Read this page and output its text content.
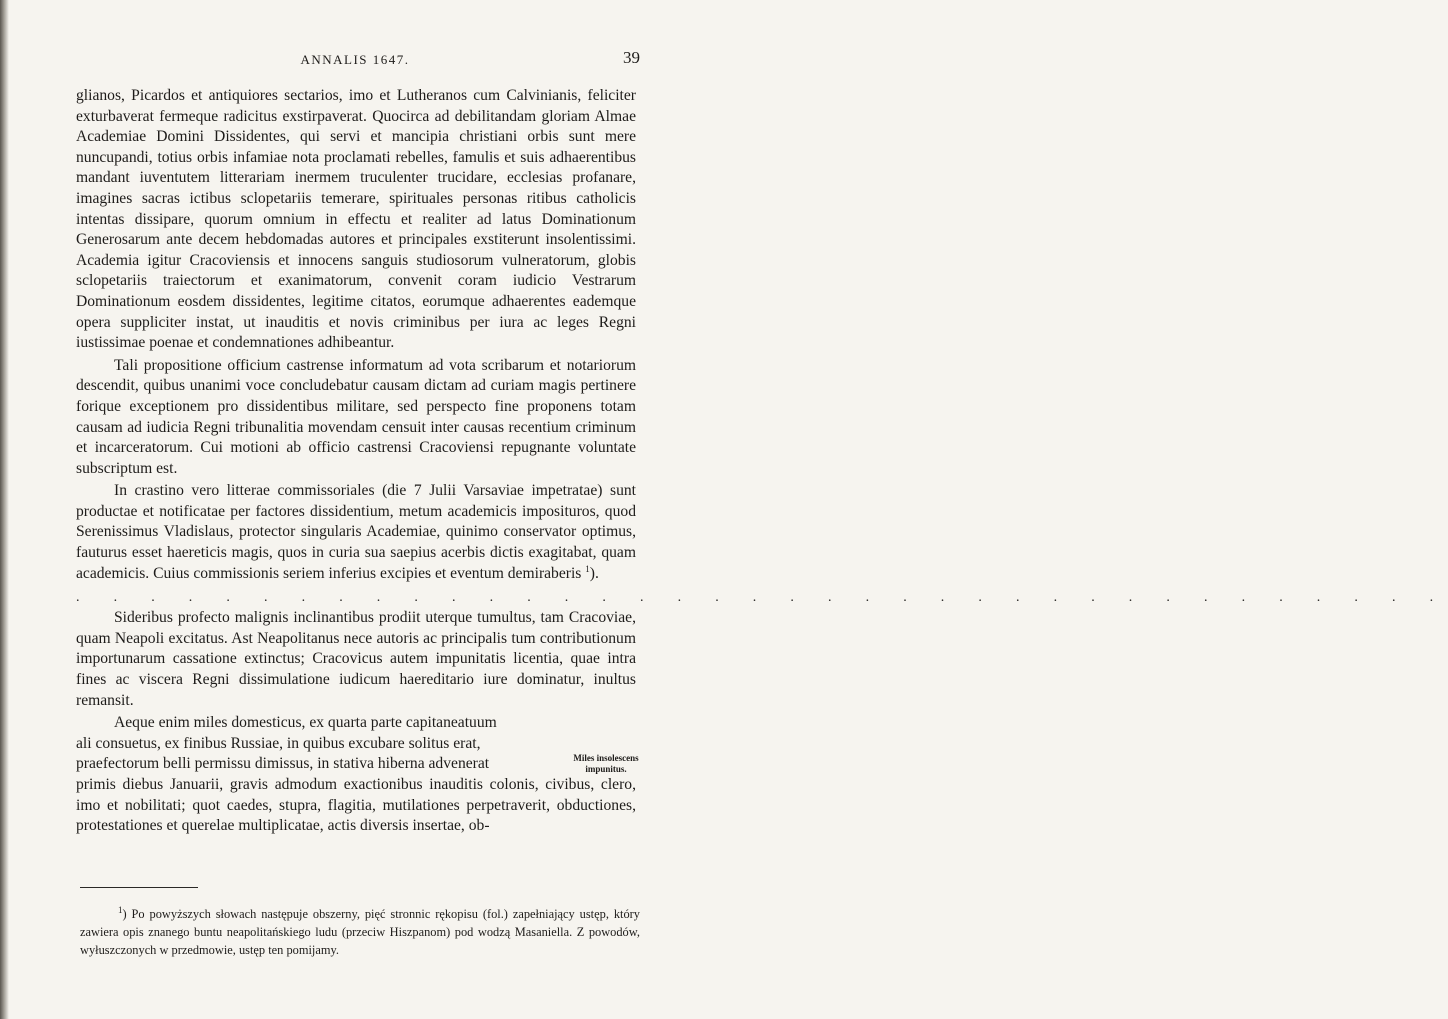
ANNALIS 1647.	39

glianos, Picardos et antiquiores sectarios, imo et Lutheranos cum Calvinianis, feliciter exturbaverat fermeque radicitus exstirpaverat. Quocirca ad debilitandam gloriam Almae Academiae Domini Dissidentes, qui servi et mancipia christiani orbis sunt mere nuncupandi, totius orbis infamiae nota proclamati rebelles, famulis et suis adhaerentibus mandant iuventutem litterariam inermem truculenter trucidare, ecclesias profanare, imagines sacras ictibus sclopetariis temerare, spirituales personas ritibus catholicis intentas dissipare, quorum omnium in effectu et realiter ad latus Dominationum Generosarum ante decem hebdomadas autores et principales exstiterunt insolentissimi. Academia igitur Cracoviensis et innocens sanguis studiosorum vulneratorum, globis sclopetariis traiectorum et exanimatorum, convenit coram iudicio Vestrarum Dominationum eosdem dissidentes, legitime citatos, eorumque adhaerentes eademque opera suppliciter instat, ut inauditis et novis criminibus per iura ac leges Regni iustissimae poenae et condemnationes adhibeantur.

Tali propositione officium castrense informatum ad vota scribarum et notariorum descendit, quibus unanimi voce concludebatur causam dictam ad curiam magis pertinere forique exceptionem pro dissidentibus militare, sed perspecto fine proponens totam causam ad iudicia Regni tribunalitia movendam censuit inter causas recentium criminum et incarceratorum. Cui motioni ab officio castrensi Cracoviensi repugnante voluntate subscriptum est.

In crastino vero litterae commissoriales (die 7 Julii Varsaviae impetratae) sunt productae et notificatae per factores dissidentium, metum academicis imposituros, quod Serenissimus Vladislaus, protector singularis Academiae, quinimo conservator optimus, fauturus esset haereticis magis, quos in curia sua saepius acerbis dictis exagitabat, quam academicis. Cuius commissionis seriem inferius excipies et eventum demiraberis $^1$).

. . . . . . . . . . . . . . . . . . . . . . . . . . . . . . . . . . . . .

Sideribus profecto malignis inclinantibus prodiit uterque tumultus, tam Cracoviae, quam Neapoli excitatus. Ast Neapolitanus nece autoris ac principalis tum contributionum importunarum cassatione extinctus; Cracovicus autem impunitatis licentia, quae intra fines ac viscera Regni dissimulatione iudicum haereditario iure dominatur, inultus remansit.

Aeque enim miles domesticus, ex quarta parte capitaneatuum

ali consuetus, ex finibus Russiae, in quibus excubare solitus erat,

praefectorum belli permissu dimissus, in stativa hiberna advenerat

primis diebus Januarii, gravis admodum exactionibus inauditis colonis, civibus, clero, imo et nobilitati; quot caedes, stupra, flagitia, mutilationes perpetraverit, obductiones, protestationes et querelae multiplicatae, actis diversis insertae, ob-

Miles insolescens
impunitus.
$^1$) Po powyższych słowach następuje obszerny, pięć stronnic rękopisu (fol.) zapełniający ustęp, który zawiera opis znanego buntu neapolitańskiego ludu (przeciw Hiszpanom) pod wodzą Masaniella. Z powodów, wyłuszczonych w przedmowie, ustęp ten pomijamy.
